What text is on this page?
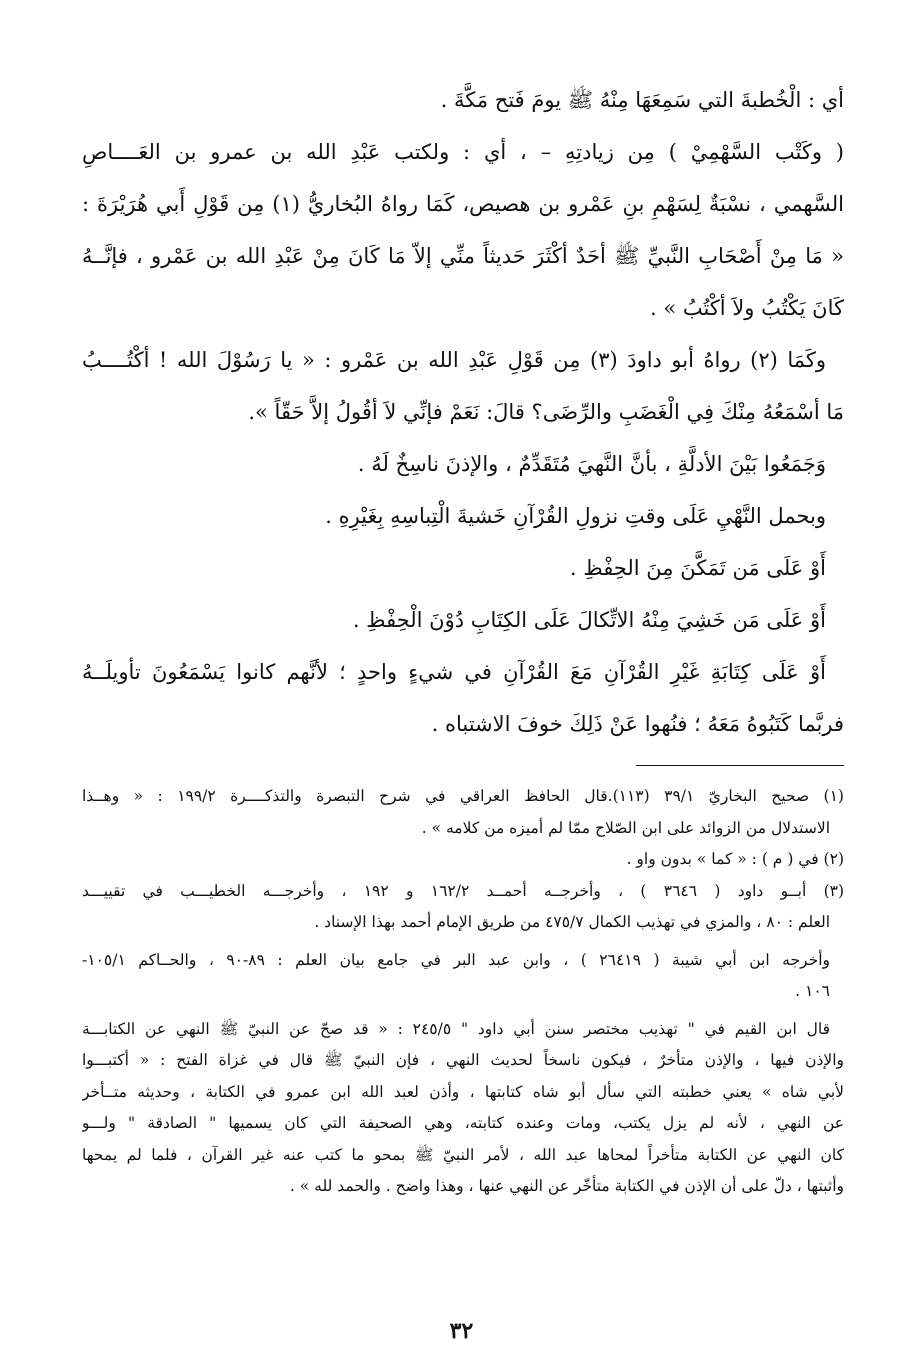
أي : الْخُطبةَ التي سَمِعَهَا مِنْهُ ﷺ يومَ فَتح مَكَّةَ .
( وكَتْب السَّهْمِيْ ) مِن زيادتِهِ – ، أي : ولكتب عَبْدِ الله بن عمرو بن العَــــاصِ
السَّهمي ، نسْبَةٌ لِسَهْمِ بنِ عَمْرو بن هصيص، كَمَا رواهُ البُخاريُّ (١) مِن قَوْلِ أَبي هُرَيْرَةَ :
« مَا مِنْ أَصْحَابِ النَّبيِّ ﷺ أحَدٌ أكْثَرَ حَديثاً منِّي إلاّ مَا كَانَ مِنْ عَبْدِ الله بن عَمْرو ، فإنَّــهُ
كَانَ يَكْتُبُ ولاَ أكْتُبُ » .
وكَمَا (٢) رواهُ أبو داودَ (٣) مِن قَوْلِ عَبْدِ الله بن عَمْرو : « يا رَسُوْلَ الله ! أكْتُــــبُ
مَا أسْمَعُهُ مِنْكَ فِي الْغَضَبِ والرِّضَى؟ قالَ: نَعَمْ فإنِّي لاَ أقُولُ إلاَّ حَقّاً ».
وَجَمَعُوا بَيْنَ الأدلَّةِ ، بأنَّ النَّهيَ مُتَقَدِّمٌ ، والإذنَ ناسِخٌ لَهُ .
وبحمل النَّهْيِ عَلَى وقتِ نزولِ القُرْآنِ خَشيةَ الْتِباسِهِ بِغَيْرِهِ .
أَوْ عَلَى مَن تَمَكَّنَ مِنَ الحِفْظِ .
أَوْ عَلَى مَن خَشِيَ مِنْهُ الاتِّكالَ عَلَى الكِتَابِ دُوْنَ الْحِفْظِ .
أَوْ عَلَى كِتَابَةِ غَيْرِ القُرْآنِ مَعَ القُرْآنِ في شيءٍ واحدٍ ؛ لأنَّهم كانوا يَسْمَعُونَ تأويلَــهُ
فربَّما كَتَبُوهُ مَعَهُ ؛ فنُهوا عَنْ ذَلِكَ خوفَ الاشتباه .
(١) صحيح البخاريّ ٣٩/١ (١١٣).قال الحافظ العراقي في شرح التبصرة والتذكــــرة ١٩٩/٢ : « وهــذا
الاستدلال من الزوائد على ابن الصّلاح ممّا لم أميزه من كلامه » .
(٢) في ( م ) : « كما » بدون واو .
(٣) أبــو داود ( ٣٦٤٦ ) ، وأخرجــه أحمــد ١٦٢/٢ و ١٩٢ ، وأخرجـــه الخطيـــب في تقييـــد
العلم : ٨٠ ، والمزي في تهذيب الكمال ٤٧٥/٧ من طريق الإمام أحمد بهذا الإسناد .
وأخرجه ابن أبي شيبة ( ٢٦٤١٩ ) ، وابن عبد البر في جامع بيان العلم : ٨٩-٩٠ ، والحــاكم ١٠٥/١-
١٠٦ .
قال ابن القيم في " تهذيب مختصر سنن أبي داود " ٢٤٥/٥ : « قد صحّ عن النبيّ ﷺ النهي عن الكتابـــة
والإذن فيها ، والإذن متأخرٌ ، فيكون ناسخاً لحديث النهي ، فإن النبيّ ﷺ قال في غزاة الفتح : « أكتبـــوا
لأبي شاه » يعني خطبته التي سأل أبو شاه كتابتها ، وأذن لعبد الله ابن عمرو في الكتابة ، وحديثه متــأخر
عن النهي ، لأنه لم يزل يكتب، ومات وعنده كتابته، وهي الصحيفة التي كان يسميها " الصادقة " ولـــو
كان النهي عن الكتابة متأخراً لمحاها عبد الله ، لأمر النبيّ ﷺ بمحو ما كتب عنه غير القرآن ، فلما لم يمحها
وأثبتها ، دلّ على أن الإذن في الكتابة متأخّر عن النهي عنها ، وهذا واضح . والحمد لله » .
٣٢
